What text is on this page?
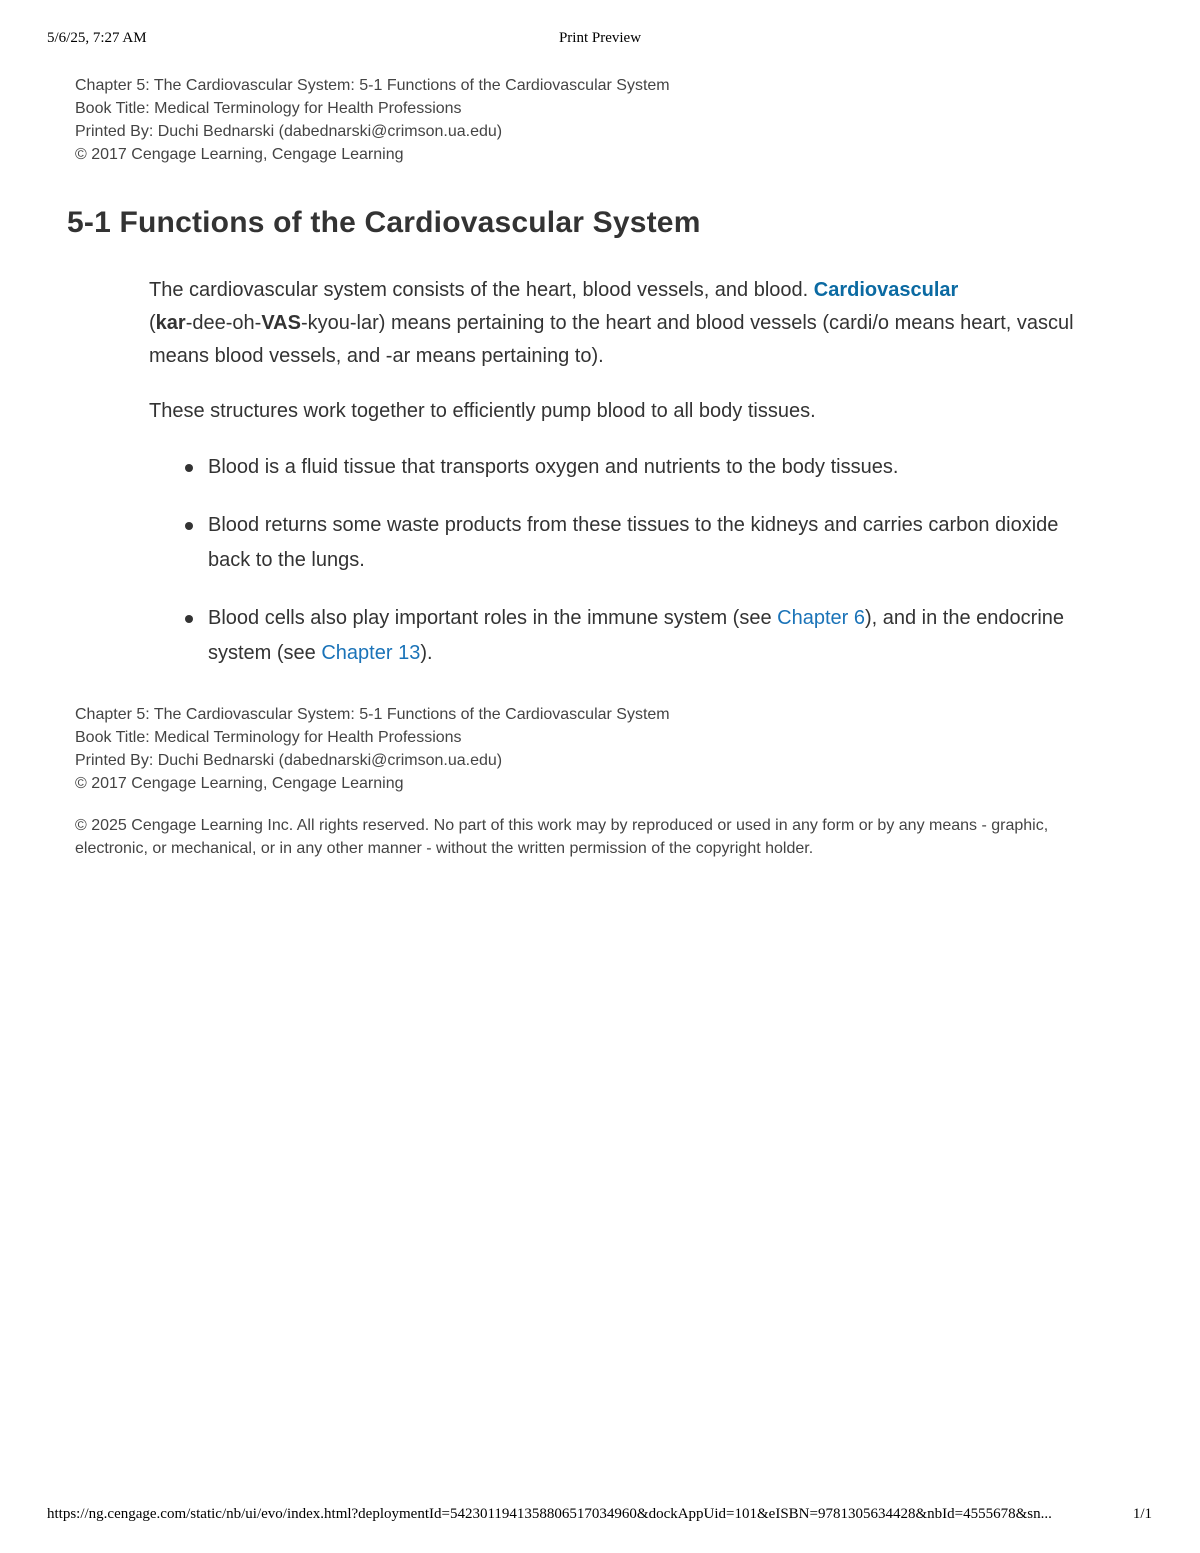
5/6/25, 7:27 AM	Print Preview
Chapter 5: The Cardiovascular System: 5-1 Functions of the Cardiovascular System
Book Title: Medical Terminology for Health Professions
Printed By: Duchi Bednarski (dabednarski@crimson.ua.edu)
© 2017 Cengage Learning, Cengage Learning
5-1 Functions of the Cardiovascular System

The cardiovascular system consists of the heart, blood vessels, and blood. Cardiovascular
(kar-dee-oh-VAS-kyou-lar) means pertaining to the heart and blood vessels (cardi/o means heart, vascul means blood vessels, and -ar means pertaining to).

These structures work together to efficiently pump blood to all body tissues.

Blood is a fluid tissue that transports oxygen and nutrients to the body tissues.
Blood returns some waste products from these tissues to the kidneys and carries carbon dioxide back to the lungs.
Blood cells also play important roles in the immune system (see Chapter 6), and in the endocrine system (see Chapter 13).
Chapter 5: The Cardiovascular System: 5-1 Functions of the Cardiovascular System
Book Title: Medical Terminology for Health Professions
Printed By: Duchi Bednarski (dabednarski@crimson.ua.edu)
© 2017 Cengage Learning, Cengage Learning
© 2025 Cengage Learning Inc. All rights reserved. No part of this work may by reproduced or used in any form or by any means - graphic, electronic, or mechanical, or in any other manner - without the written permission of the copyright holder.
https://ng.cengage.com/static/nb/ui/evo/index.html?deploymentId=5423011941358806517034960&dockAppUid=101&eISBN=9781305634428&nbId=4555678&sn...	1/1
